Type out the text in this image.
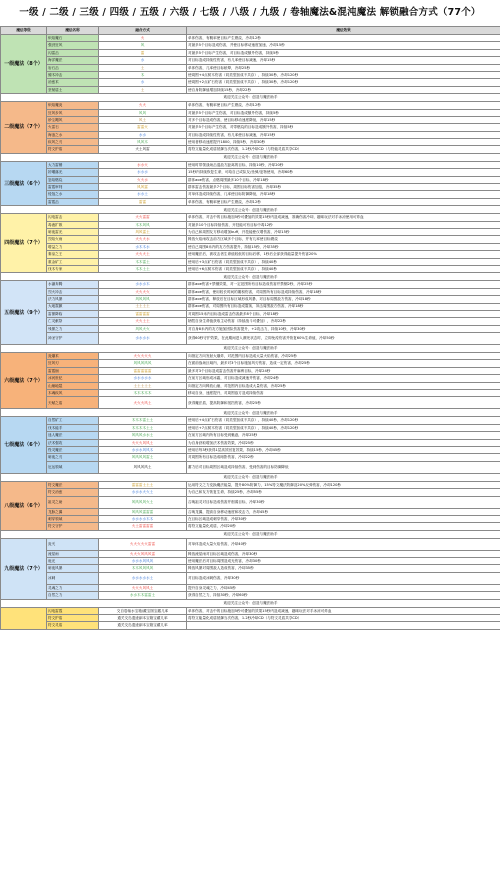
一级 / 二级 / 三级 / 四级 / 五级 / 六级 / 七级 / 八级 / 九级 / 卷轴魔法&混沌魔法 解锁融合方式（77个）
魔法等级	魔法名称	融合方式	魔法效果
一级魔法（8个）	炽焰魔石	火	单体伤害，有概率使目标产生燃烧，冷却12秒
	强劲狂风	风	对最多5个目标造成伤害，并使目标移动速度加速，冷却15秒
	闪雷击	雷	对最多5个目标产生伤害，对目标造成额外伤害，持续5秒
	海洋魔法	水	对目标造成持续性伤害，有几率使目标减速，冷却15秒
	岩石击	土	单体伤害，几率使目标眩晕，冷却25秒
	缠木冲击	木	使周围+4点树木伤害（同类型加成不共存），持续30秒，冷却120秒
	治愈术	水	使周围+2点矿石伤害（同类型加成不共存），持续30秒，冷却120秒
	坚韧盾土	土	使自身防御值增加持续15秒，冷却22秒
欢迎关注公众号：创造与魔法助手			
二级魔法（7个）	炽焰魔炎	火火	单体伤害，有概率使目标产生燃烧，冷却12秒
	狂风步风	风风	对最多5个目标产生伤害，对目标造成额外伤害，持续5秒
	砂尘飓风	风土	对多个目标造成伤害，使目标移动速度降低，冷却15秒
	火雷石	雷雷火	对最多5个目标产生伤害，对带燃烧的目标造成额外伤害，持续5秒
	海浪之水	水水	对目标造成持续性伤害，有几率使目标减速，冷却15秒
	疾风之刃	风风木	使用者移动速度提升1800，持续5秒，冷却30秒
	符文护盾	火土风雷	将符文能量化成盾抵御当次伤害，1.2秒冷却CD（与符能灵盾共享CD）
欢迎关注公众号：创造与魔法助手			
三级魔法（6个）	大力雷锤	水水火	使用时带领战场击退敌方距离的目标，持续10秒，冷却20秒
	折曜落光	水水水	15秒内持续恢复生命，可给自己或队友/坐骑/宠物使用，冷却60秒
	怒焰燃烧	火火水	群体aoe伤害，点燃周围最多10个目标，冷却18秒
	雷霆审判	风风雷	群体雷击伤害最多7个目标，周围目标伤害加倍，冷却35秒
	侵蚀之水	水水土	对单体造成持续伤害，几率使目标防御降低，冷却18秒
	雷霆击	雷雷	单体伤害，有概率使目标产生燃烧，冷却12秒
欢迎关注公众号：创造与魔法助手			
四级魔法（7个）	闪电雷击	火火雷雷	单体伤害，对击中的目标施加5秒可叠加的效果15秒内造成减速，准确伤害冷却，趣味玩法对手冰凉使用可炸血
	毒液扩散	木木风风	对最多10个目标持续伤害，开技能可有目标中毒12秒
	暗夜雷光	风风雷土	为自己和周围友方移动增加buff，开技能使仅增伤害，冷却15秒
	烈焰火雨	火火火水	释放火焰雨攻击前方区域多个目标，并有几率使目标燃烧
	增益之力	水木木水	使自己周围8米内的友方伤害提升，持续15秒，冷却35秒
	秦皇之王	火火火土	使用魔法后，被攻击者生命值较低的目标后移，1秒后全部获得能量提升伤害20%
	重金矿工	木木雷土	使用后+3点矿石伤害（同类型加成不共存），持续40秒
	伐木专家	木木土土	使用后+6点树木伤害（同类型加成不共存），持续40秒
欢迎关注公众号：创造与魔法助手			
五级魔法（9个）	水瀑奔腾	水水水木	群体aoe伤害+禁锢效果，对一定范围所有目标造成伤害并禁锢2秒，冷却25秒
	烈火冲击	火火火火	群体aoe伤害，使用较长时间的累积伤害，对周围所有目标造成持续伤害，冷却18秒
	法力风暴	风风风风	群体aoe伤害，释放后在目标区域形成风暴，对目标周围敌方伤害，冷却18秒
	大地震颤	土土土土	群体aoe伤害，对周围所有目标造成震荡，冲击周围敌方伤害，冷却18秒
	雷暴降临	雷雷雷雷	对周围15米内目标造成雷击伤害最多8个目标，冷却18秒
	亡灵献祭	火火土土	牺牲自身生命值获取主动伤害（持续战斗可叠加），冷却22秒
	残暴之力	风风火火	对自身8米内的友方施加团队伤害提升，+2攻击力，持续10秒，冷却30秒
	神圣守护	水水水水	获得60秒守护效果，在此期间进入濒死状态时，立即免疫伤害并恢复60%生命值，冷却50秒
欢迎关注公众号：创造与魔法助手			
六级魔法（7个）	炎爆术	火火火火火	向指定方向发射大爆炸，对范围内目标造成大量火焰伤害，冷却25秒
	狂风刃	风风风风风	在面前战场区域内，最多对3个目标施加风刃伤害，造成一定伤害，冷却25秒
	雷霆崩	雷雷雷雷雷	最多对3个目标造成雷击伤害并麻痹目标，冷却24秒
	冰河世纪	水水水水水	在前方区域形成冰霜，对目标造成减速并伤害，冷却24秒
	山崩地裂	土土土土土	向指定方向释放山崩，对范围内目标造成大量伤害，冷却25秒
	木魂疾风	木木木木木	移动自身，速度提升，对周围敌方造成持续伤害
	天赋之盾	火火火风土	获得魔法盾，提高防御和抵挡伤害，冷却25秒
欢迎关注公众号：创造与魔法助手			
七级魔法（6个）	自然矿工	木木木雷土土	使用后+4点矿石伤害（同类型加成不共存），持续40秒，冷却120秒
	伐木能手	木木木木土土	使用后+7点树木伤害（同类型加成不共存），持续40秒，冷却120秒
	迷人魔法	风风风水水土	在前方区域内所有目标受到魅惑，冷却25秒
	法术强攻	火火火风风土	为自身获取增加法术伤害效果，冷却25秒
	怪灵魔法	水水水风风木	使用后每3秒获得1层高效回复效果，持续15秒，冷却45秒
	暗夜之刃	风风风风雷土	对周围所有目标造成暗影伤害，冷却22秒
	厄运领域	风风风风土	蓄力后对目标周围区域造成持续伤害，受到伤害的目标防御降低
欢迎关注公众号：创造与魔法助手			
八级魔法（6个）	符文魔法	雷雷雷土土土	运用符文之力变换魔法能量，提升80%防御力，15%符文魔法防御及20%反弹伤害，冷却120秒
	符文治愈	水水水火火土	为自己和友方恢复生命，持续25秒，冷却55秒
	祖灵之助	风风风风火土	召唤祖灵对目标造成伤害并削弱目标，冷却30秒
	龙脉之翼	风风风雷雷雷	召唤龙翼，提高自身移动速度和攻击力，冷却45秒
	刺穿领域	水水水水木木	在目标区域造成刺穿伤害，冷却30秒
	符文守护	火土雷雷雷雷	将符文能量化成盾，冷却20秒
欢迎关注公众号：创造与魔法助手			
九级魔法（7个）	炎灭	火火火火火雷雷	对单体造成大量火焰伤害，冷却40秒
	流星雨	火火火风风风雷	释放流星雨对目标区域造成伤害，冷却30秒
	诡光	水水水风风风	使用魔法后对目标周围造成光伤害，冷却30秒
	暗夜风暴	木木风风风风	释放风暴对周围敌人造成伤害，冷却35秒
	冰刺	水水水水水土	对目标造成冰刺伤害，冷却30秒
	灵魂之力	火火火风风土	提升自身灵魂之力，冷却45秒
	自然之力	水水木木雷雷土	获得自然之力，持续30秒，冷却60秒
欢迎关注公众号：创造与魔法助手			
	闪电雷霆	交自卷轴水宝箱/藏宝图宝藏几率	单体伤害，对击中的目标施加5秒可叠加的效果15秒内造成减速，趣味玩法对手冰凉可炸血
	符文护盾	通关交岛遗迹副本宝箱宝藏几率	将符文能量化成盾抵御当次伤害，1.2秒冷却CD（与符文灵盾共享CD）
	符文灵盾	通关交岛遗迹副本宝箱宝藏几率	
